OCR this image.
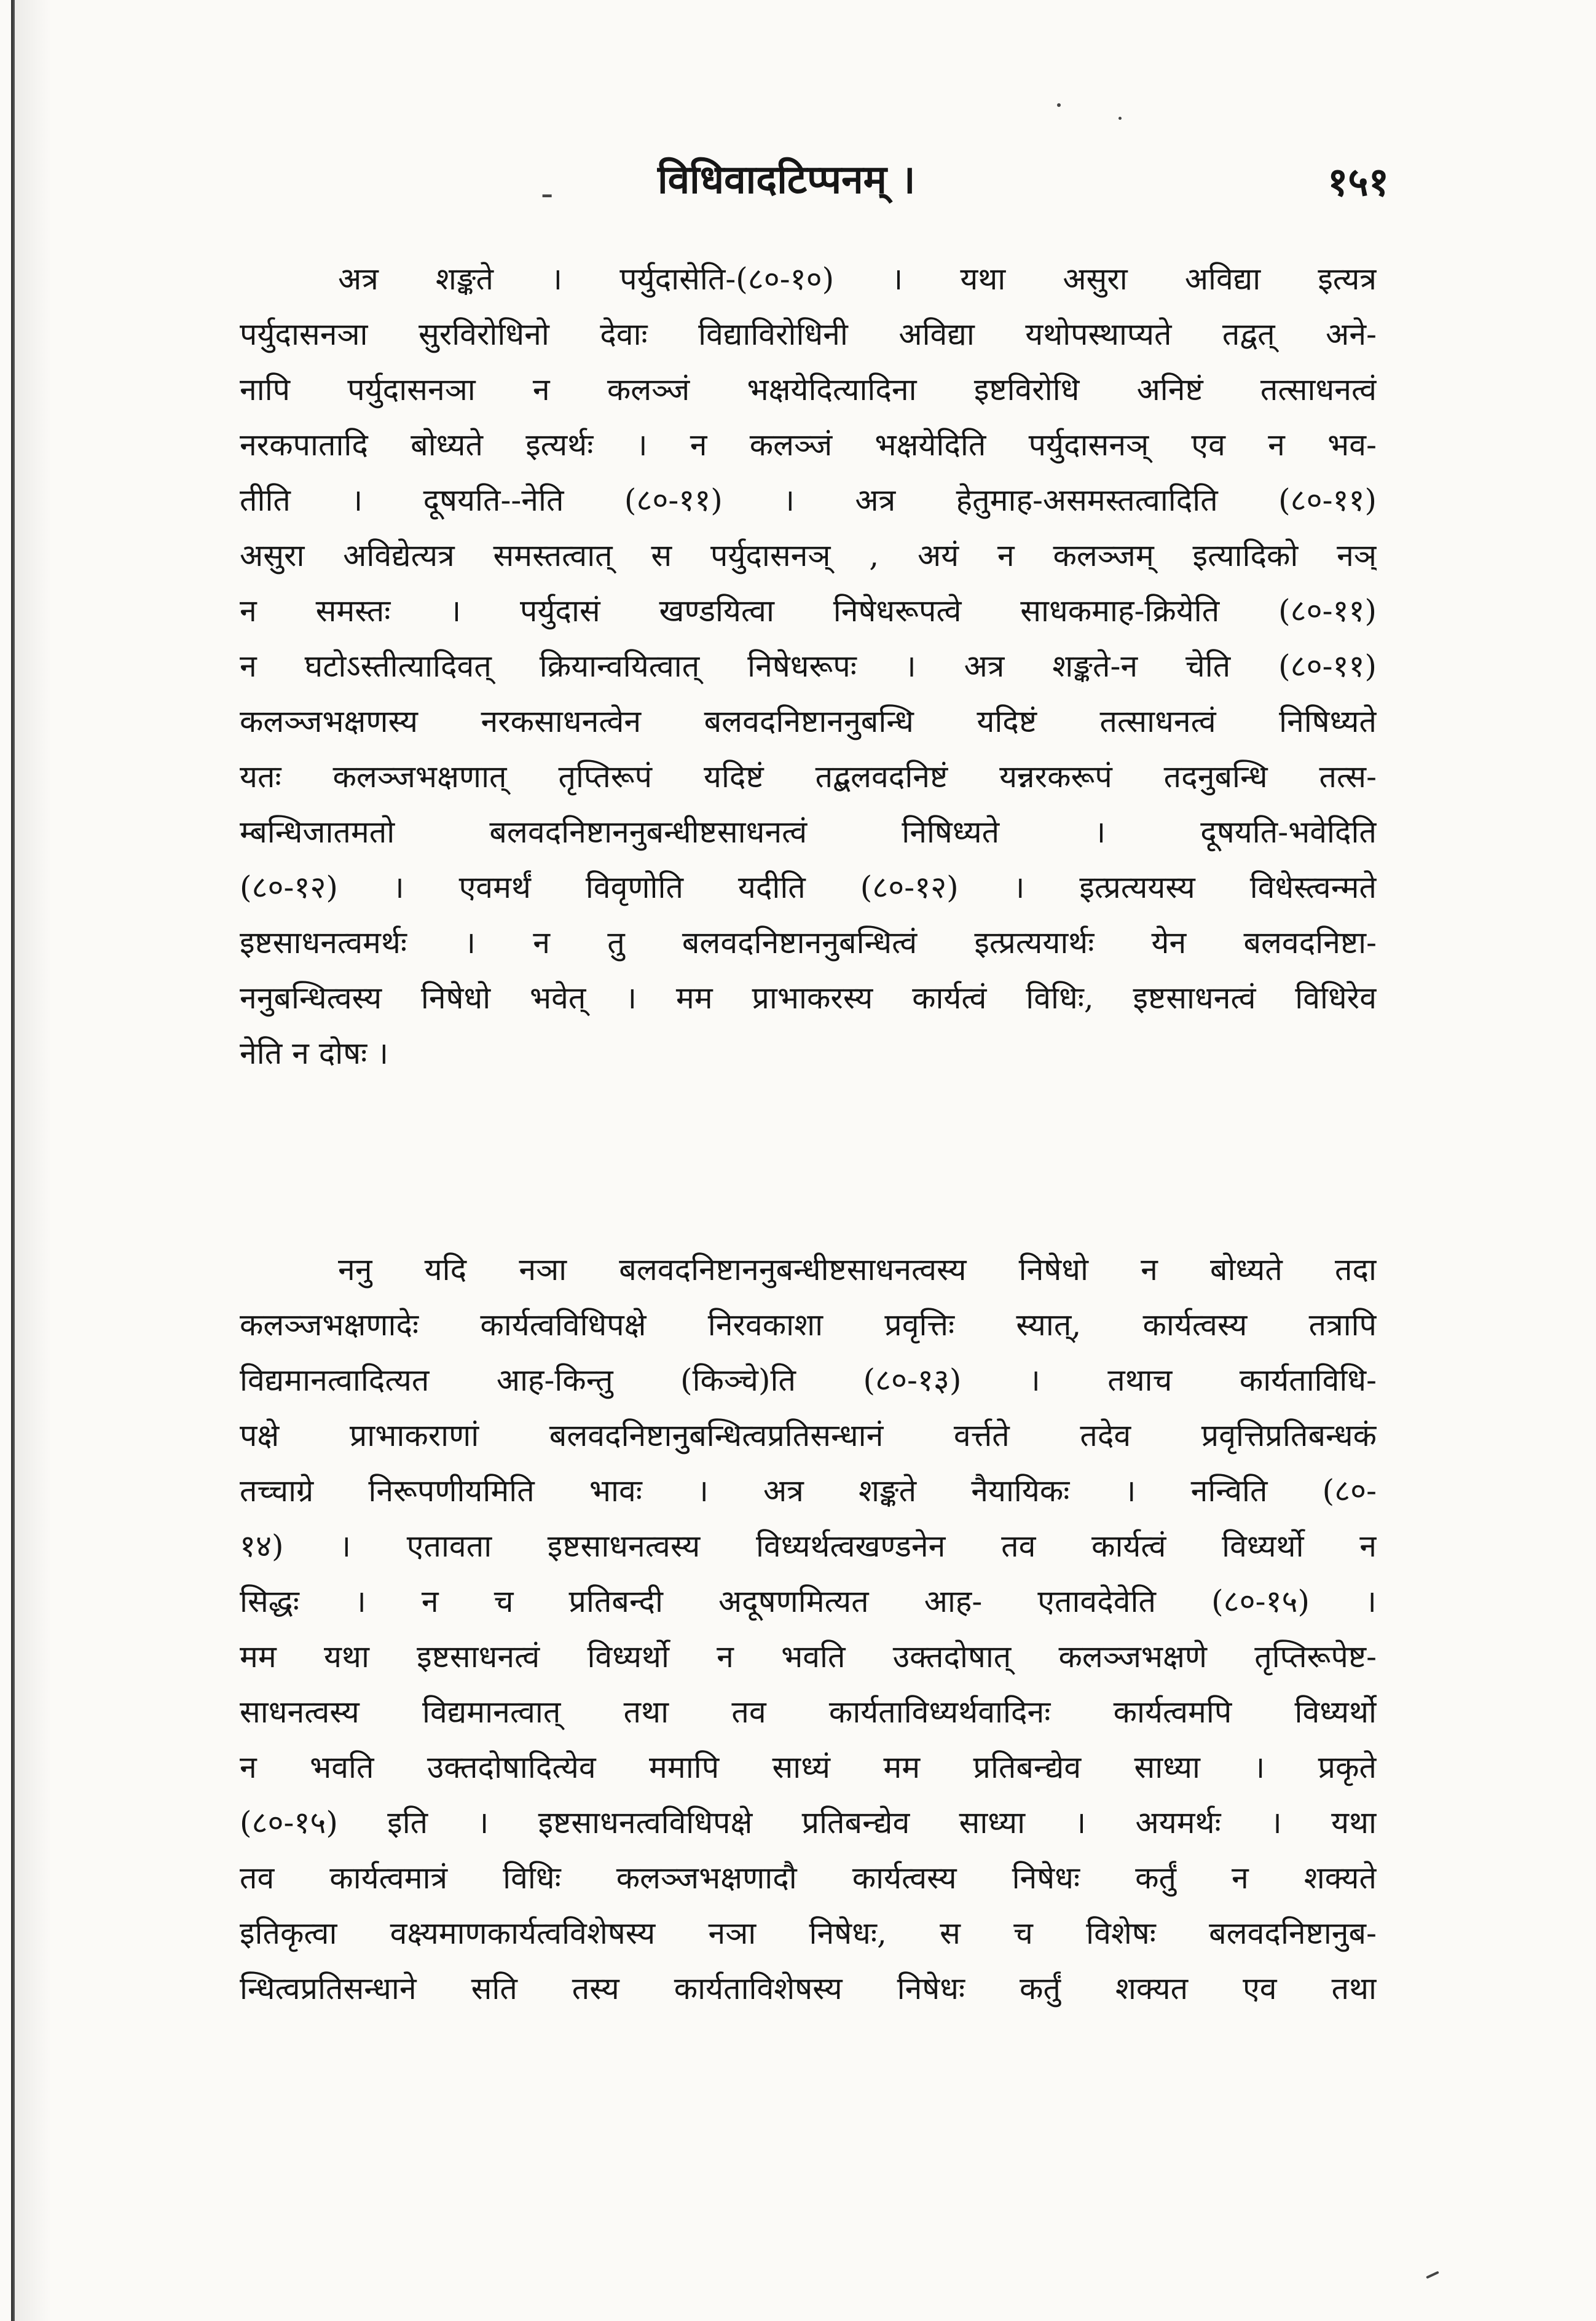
-	विधिवादटिप्पनम् ।	१५१
अत्र शङ्कते । पर्युदासेति-(८०-१०) । यथा असुरा अविद्या इत्यत्र
पर्युदासनञा सुरविरोधिनो देवाः विद्याविरोधिनी अविद्या यथोपस्थाप्यते तद्वत् अने-
नापि पर्युदासनञा न कलञ्जं भक्षयेदित्यादिना इष्टविरोधि अनिष्टं तत्साधनत्वं
नरकपातादि बोध्यते इत्यर्थः । न कलञ्जं भक्षयेदिति पर्युदासनञ् एव न भव-
तीति । दूषयति--नेति (८०-११) । अत्र हेतुमाह-असमस्तत्वादिति (८०-११)
असुरा अविद्येत्यत्र समस्तत्वात् स पर्युदासनञ् , अयं न कलञ्जम् इत्यादिको नञ्
न समस्तः । पर्युदासं खण्डयित्वा निषेधरूपत्वे साधकमाह-क्रियेति (८०-११)
न घटोऽस्तीत्यादिवत् क्रियान्वयित्वात् निषेधरूपः । अत्र शङ्कते-न चेति (८०-११)
कलञ्जभक्षणस्य नरकसाधनत्वेन बलवदनिष्टाननुबन्धि यदिष्टं तत्साधनत्वं निषिध्यते
यतः कलञ्जभक्षणात् तृप्तिरूपं यदिष्टं तद्बलवदनिष्टं यन्नरकरूपं तदनुबन्धि तत्स-
म्बन्धिजातमतो बलवदनिष्टाननुबन्धीष्टसाधनत्वं निषिध्यते । दूषयति-भवेदिति
(८०-१२) । एवमर्थं विवृणोति यदीति (८०-१२) । इत्प्रत्ययस्य विधेस्त्वन्मते
इष्टसाधनत्वमर्थः । न तु बलवदनिष्टाननुबन्धित्वं इत्प्रत्ययार्थः येन बलवदनिष्टा-
ननुबन्धित्वस्य निषेधो भवेत् । मम प्राभाकरस्य कार्यत्वं विधिः, इष्टसाधनत्वं विधिरेव
नेति न दोषः ।
ननु यदि नञा बलवदनिष्टाननुबन्धीष्टसाधनत्वस्य निषेधो न बोध्यते तदा
कलञ्जभक्षणादेः कार्यत्वविधिपक्षे निरवकाशा प्रवृत्तिः स्यात्, कार्यत्वस्य तत्रापि
विद्यमानत्वादित्यत आह-किन्तु (किञ्चे)ति (८०-१३) । तथाच कार्यताविधि-
पक्षे प्राभाकराणां बलवदनिष्टानुबन्धित्वप्रतिसन्धानं वर्त्तते तदेव प्रवृत्तिप्रतिबन्धकं
तच्चाग्रे निरूपणीयमिति भावः । अत्र शङ्कते नैयायिकः । नन्विति (८०-
१४) । एतावता इष्टसाधनत्वस्य विध्यर्थत्वखण्डनेन तव कार्यत्वं विध्यर्थो न
सिद्धः । न च प्रतिबन्दी अदूषणमित्यत आह- एतावदेवेति (८०-१५) ।
मम यथा इष्टसाधनत्वं विध्यर्थो न भवति उक्तदोषात् कलञ्जभक्षणे तृप्तिरूपेष्ट-
साधनत्वस्य विद्यमानत्वात् तथा तव कार्यताविध्यर्थवादिनः कार्यत्वमपि विध्यर्थो
न भवति उक्तदोषादित्येव ममापि साध्यं मम प्रतिबन्द्येव साध्या । प्रकृते
(८०-१५) इति । इष्टसाधनत्वविधिपक्षे प्रतिबन्द्येव साध्या । अयमर्थः । यथा
तव कार्यत्वमात्रं विधिः कलञ्जभक्षणादौ कार्यत्वस्य निषेधः कर्तुं न शक्यते
इतिकृत्वा वक्ष्यमाणकार्यत्वविशेषस्य नञा निषेधः, स च विशेषः बलवदनिष्टानुब-
न्धित्वप्रतिसन्धाने सति तस्य कार्यताविशेषस्य निषेधः कर्तुं शक्यत एव तथा
